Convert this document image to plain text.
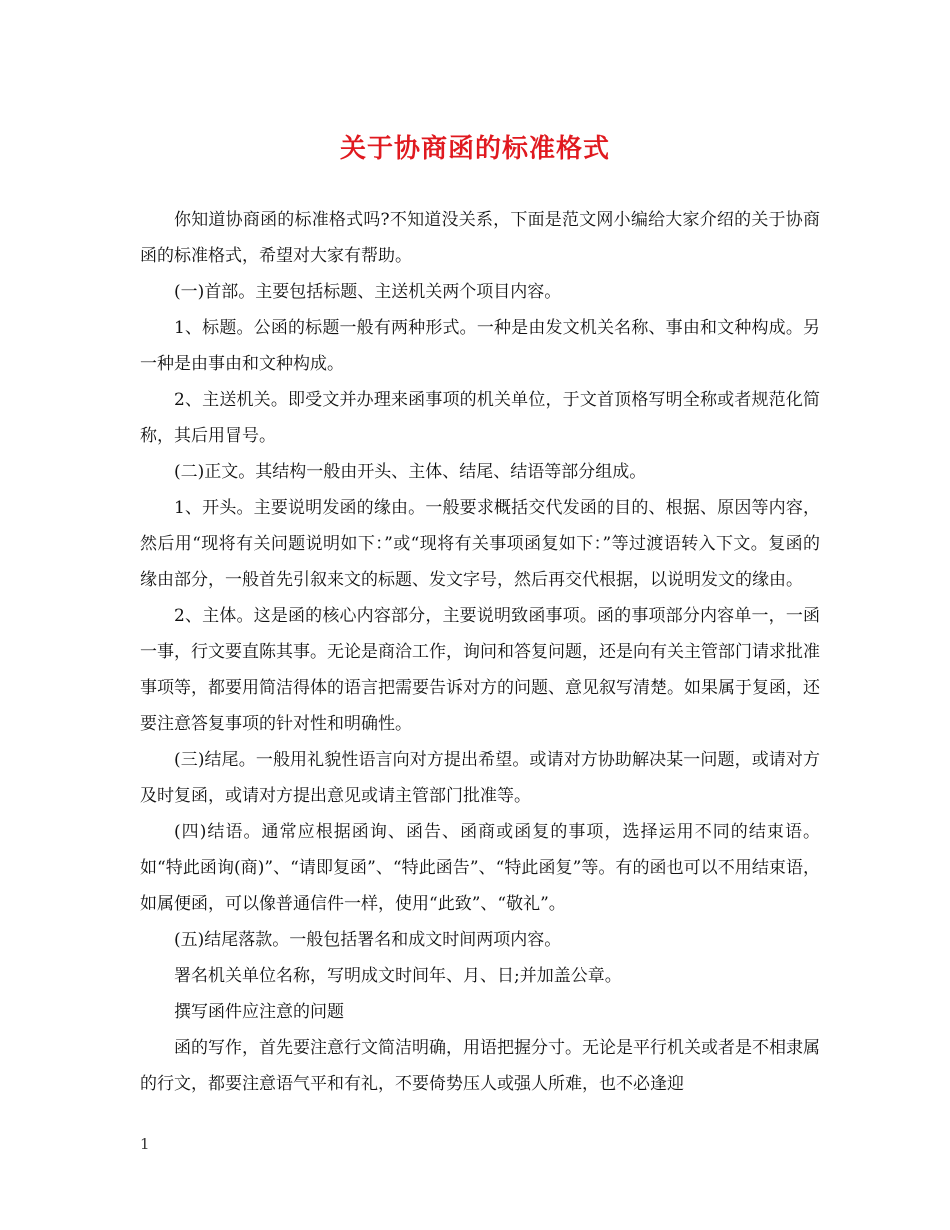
关于协商函的标准格式

你知道协商函的标准格式吗?不知道没关系，下面是范文网小编给大家介绍的关于协商函的标准格式，希望对大家有帮助。

(一)首部。主要包括标题、主送机关两个项目内容。

1、标题。公函的标题一般有两种形式。一种是由发文机关名称、事由和文种构成。另一种是由事由和文种构成。

2、主送机关。即受文并办理来函事项的机关单位，于文首顶格写明全称或者规范化简称，其后用冒号。

(二)正文。其结构一般由开头、主体、结尾、结语等部分组成。

1、开头。主要说明发函的缘由。一般要求概括交代发函的目的、根据、原因等内容，然后用“现将有关问题说明如下：”或“现将有关事项函复如下：”等过渡语转入下文。复函的缘由部分，一般首先引叙来文的标题、发文字号，然后再交代根据，以说明发文的缘由。

2、主体。这是函的核心内容部分，主要说明致函事项。函的事项部分内容单一，一函一事，行文要直陈其事。无论是商洽工作，询问和答复问题，还是向有关主管部门请求批准事项等，都要用简洁得体的语言把需要告诉对方的问题、意见叙写清楚。如果属于复函，还要注意答复事项的针对性和明确性。

(三)结尾。一般用礼貌性语言向对方提出希望。或请对方协助解决某一问题，或请对方及时复函，或请对方提出意见或请主管部门批准等。

(四)结语。通常应根据函询、函告、函商或函复的事项，选择运用不同的结束语。如“特此函询(商)”、“请即复函”、“特此函告”、“特此函复”等。有的函也可以不用结束语，如属便函，可以像普通信件一样，使用“此致”、“敬礼”。

(五)结尾落款。一般包括署名和成文时间两项内容。

署名机关单位名称，写明成文时间年、月、日;并加盖公章。

撰写函件应注意的问题

函的写作，首先要注意行文简洁明确，用语把握分寸。无论是平行机关或者是不相隶属的行文，都要注意语气平和有礼，不要倚势压人或强人所难，也不必逢迎

1
